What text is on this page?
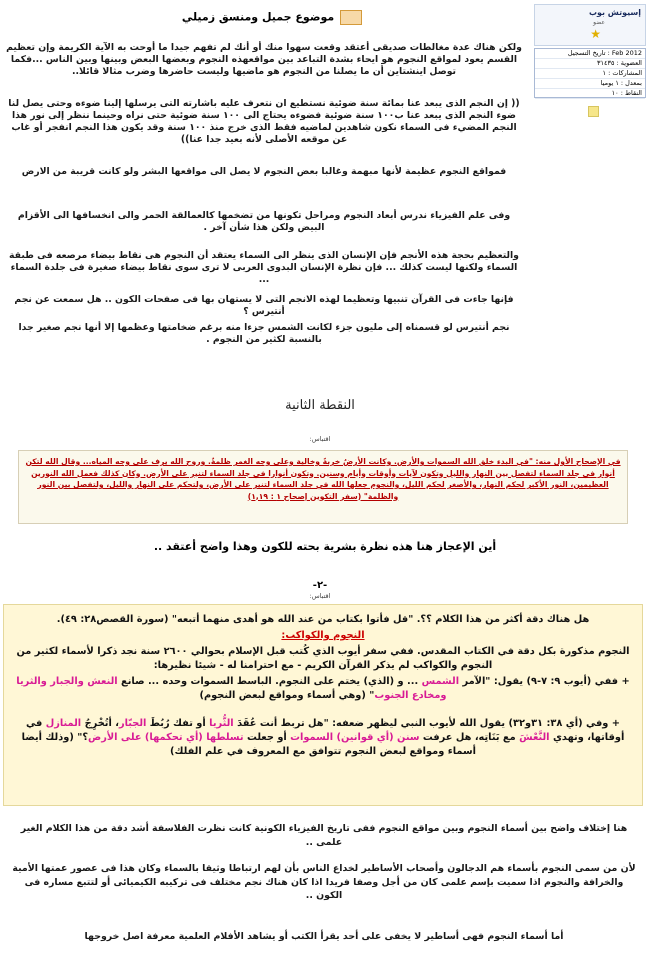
موضوع جميل ومنسق زميلي
ولكن هناك عدة مغالطات صديقى أعتقد وقعت سهوا منك أو أنك لم تفهم جيدا ما أوحت به الآية الكريمة وإن تعظيم القسم يعود لمواقع النجوم هو ايحاء بشدة التباعد بين مواقعهذه النجوم وبعضها البعض وبينها وبين الناس ...فكما توصل اينشتاين أن ما يصلنا من النجوم هو ماضيها وليست حاضرها وضرب مثالا قائلا..
(( إن النجم الذى يبعد عنا بمائة سنة ضوئية نستطيع ان نتعرف عليه باشارته التى يرسلها إلينا ضوءه وحتى يصل لنا ضوء النجم الذى يبعد عنا ب١٠٠ سنة ضوئية فضوءه يحتاج الى ١٠٠ سنة ضوئية حتى نراه وحينما ننظر إلى نور هذا النجم المضيء فى السماء نكون شاهدين لماضيه فقط الذى خرج منذ ١٠٠ سنة وقد يكون هذا النجم انفجر أو غاب عن موقعه الأصلى لأنه بعيد جدا عنا))
فمواقع النجوم عظيمة لأنها مبهمة وغالبا بعض النجوم لا يصل الى مواقعها البشر ولو كانت قريبة من الارض
وفى علم الفيزياء ندرس أبعاد النجوم ومراحل تكونها من تضخمها كالعمالقة الحمر والى انخسافها الى الأقزام البيض ولكن هذا شأن آخر .
والتعظيم بحجة هذه الأنجم فإن الإنسان الذى ينظر الى السماء يعتقد أن النجوم هى نقاط بيضاء مرصعه فى طبقة السماء ولكنها ليست كذلك ... فإن نظرة الإنسان البدوى العربى لا ترى سوى نقاط بيضاء صغيرة فى جلدة السماء ...
فإنها جاءت فى القرآن تنبيها وتعظيما لهذه الانجم التى لا يستهان بها فى صفحات الكون .. هل سمعت عن نجم أنتيرس ؟
نجم أنتيرس لو قسمناه إلى مليون جزء لكانت الشمس جزءا منه برغم ضخامتها وعظمها إلا أنها نجم صغير جدا بالنسبة لكثير من النجوم .
إسيوتش بوب
عضو
★
Feb 2012 : تاريخ التسجيل
العضوية : ٣١٤٣٥
المشاركات : ١
بمعدل : ١ يوميا
النقاط : ١٠
النقطة الثانية
اقتباس:

في الإصحاح الأول منه: "في البدء خلق الله السموات والأرض. وكانت الأرضُ خربةً وخالية وعلى وجه الغمر ظلمةٌ. وروح الله يرف على وجه المياه... وقال الله لتكن أنوار في جلد السماء لتفصل بين النهار والليل وتكون لآيات وأوقات وأيام وسنين. وتكون أنوارا في جلد السماء لتنير على الأرض. وكان كذلك فعمل الله النورين العظيمين، النور الأكبر لحكم النهار، والأصغر لحكم الليل، والنجوم جعلها الله في جلد السماء لتنير على الأرض، ولتحكم على النهار والليل، ولتفصل بين النور والظلمة" (سفر التكوين إصحاح ١ : ١,١٩)

أين الإعجاز هنا هذه نظرة بشرية بحته للكون وهذا واضح أعتقد ..
-٢-
اقتباس:
هل هناك دقة أكثر من هذا الكلام ؟؟. "قل فأتوا بكتاب من عند الله هو أهدى منهما أتبعه" (سورة القصص٢٨: ٤٩).
النجوم والكواكب:
النجوم مذكورة بكل دقة في الكتاب المقدس. ففي سفر أيوب الذي كُتب قبل الإسلام بحوالي ٢٦٠٠ سنة نجد ذكرا لأسماء لكثير من النجوم والكواكب لم يذكر القرآن الكريم - مع احترامنا له - شيئا نظيرها:
+ ففي (أيوب ٩: ٧-٩) يقول: "الآمر الشمس ... و (الذي) يختم على النجوم. الباسط السموات وحده ... صانع النعش والجبار والثريا ومخادع الجنوب" (وهي أسماء ومواقع لبعض النجوم)
+ وفي (أي ٣٨: ٣١و٣٢) يقول الله لأيوب النبي ليظهر ضعفه: "هل تربط أنت عُقَدَ الثُّريا أو تفك رُبُطَ الجبّار، أتُخْرِجُ المنازل في أوقاتها، وتهدي النَّعْشَ مع بَنَاتِه، هل عرفت سنن (أي قوانين) السموات أو جعلت تسلطها (أي تحكمها) على الأرض؟" (وذلك أيضا أسماء ومواقع لبعض النجوم تتوافق مع المعروف في علم الفلك)
هنا إختلاف واضح بين أسماء النجوم وبين مواقع النجوم ففى تاريخ الفيزياء الكونية كانت نظرت الفلاسفة أشد دقة من هذا الكلام الغير علمى ..
لأن من سمى النجوم بأسماء هم الدجالون وأصحاب الأساطير لخداع الناس بأن لهم ارتباطا وثيقا بالسماء وكان هذا فى عصور عمتها الأمية والخرافة والنجوم اذا سميت بإسم علمى كان من أجل وصفا فريدا اذا كان هناك نجم مختلف فى تركيبه الكيميائى أو لتتبع مساره فى الكون ..
أما أسماء النجوم فهى أساطير لا يخفى على أحد يقرأ الكتب أو يشاهد الأفلام العلمية معرفة اصل خروجها
